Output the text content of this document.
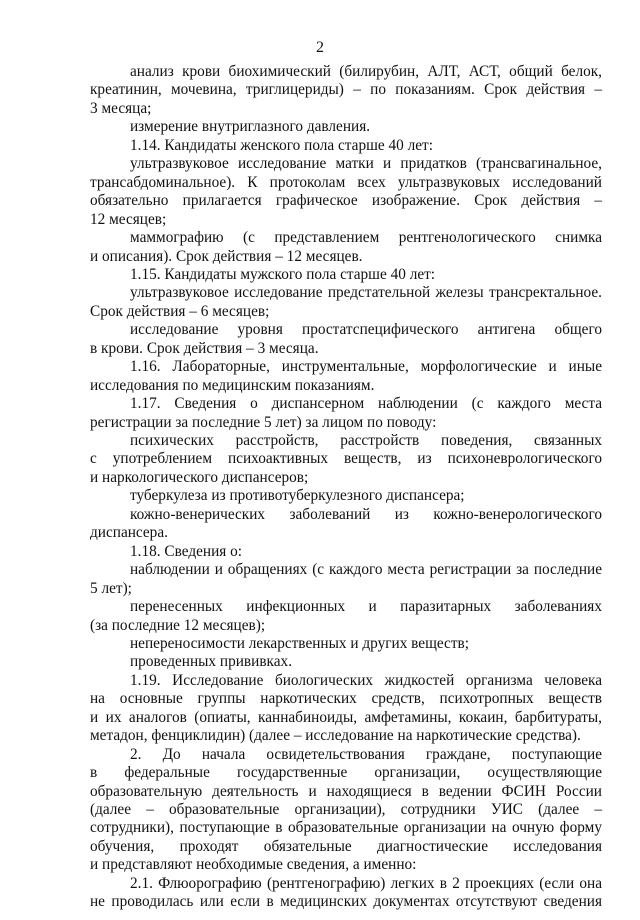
2
анализ крови биохимический (билирубин, АЛТ, АСТ, общий белок,
креатинин, мочевина, триглицериды) – по показаниям. Срок действия –
3 месяца;
измерение внутриглазного давления.
1.14. Кандидаты женского пола старше 40 лет:
ультразвуковое исследование матки и придатков (трансвагинальное,
трансабдоминальное). К протоколам всех ультразвуковых исследований
обязательно прилагается графическое изображение. Срок действия –
12 месяцев;
маммографию (с представлением рентгенологического снимка
и описания). Срок действия – 12 месяцев.
1.15. Кандидаты мужского пола старше 40 лет:
ультразвуковое исследование предстательной железы трансректальное.
Срок действия – 6 месяцев;
исследование уровня простатспецифического антигена общего
в крови. Срок действия – 3 месяца.
1.16. Лабораторные, инструментальные, морфологические и иные
исследования по медицинским показаниям.
1.17. Сведения о диспансерном наблюдении (с каждого места
регистрации за последние 5 лет) за лицом по поводу:
психических расстройств, расстройств поведения, связанных
с употреблением психоактивных веществ, из психоневрологического
и наркологического диспансеров;
туберкулеза из противотуберкулезного диспансера;
кожно-венерических заболеваний из кожно-венерологического
диспансера.
1.18. Сведения о:
наблюдении и обращениях (с каждого места регистрации за последние
5 лет);
перенесенных инфекционных и паразитарных заболеваниях
(за последние 12 месяцев);
непереносимости лекарственных и других веществ;
проведенных прививках.
1.19. Исследование биологических жидкостей организма человека
на основные группы наркотических средств, психотропных веществ
и их аналогов (опиаты, каннабиноиды, амфетамины, кокаин, барбитураты,
метадон, фенциклидин) (далее – исследование на наркотические средства).
2. До начала освидетельствования граждане, поступающие
в федеральные государственные организации, осуществляющие
образовательную деятельность и находящиеся в ведении ФСИН России
(далее – образовательные организации), сотрудники УИС (далее –
сотрудники), поступающие в образовательные организации на очную форму
обучения, проходят обязательные диагностические исследования
и представляют необходимые сведения, а именно:
2.1. Флюорографию (рентгенографию) легких в 2 проекциях (если она
не проводилась или если в медицинских документах отсутствуют сведения
